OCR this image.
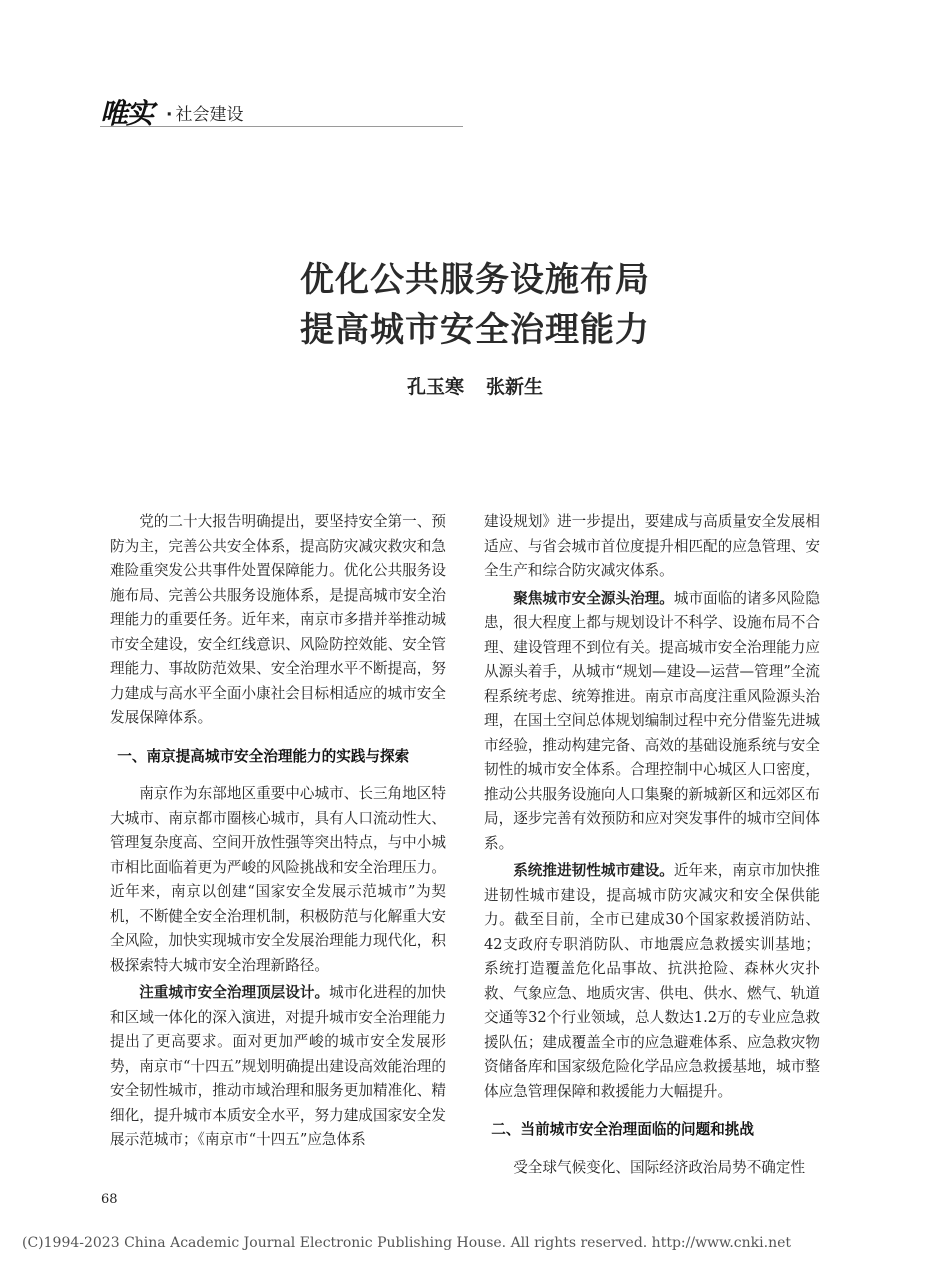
唯实 · 社会建设
优化公共服务设施布局
提高城市安全治理能力
孔玉寒 张新生

党的二十大报告明确提出，要坚持安全第一、预防为主，完善公共安全体系，提高防灾减灾救灾和急难险重突发公共事件处置保障能力。优化公共服务设施布局、完善公共服务设施体系，是提高城市安全治理能力的重要任务。近年来，南京市多措并举推动城市安全建设，安全红线意识、风险防控效能、安全管理能力、事故防范效果、安全治理水平不断提高，努力建成与高水平全面小康社会目标相适应的城市安全发展保障体系。

一、南京提高城市安全治理能力的实践与探索

南京作为东部地区重要中心城市、长三角地区特大城市、南京都市圈核心城市，具有人口流动性大、管理复杂度高、空间开放性强等突出特点，与中小城市相比面临着更为严峻的风险挑战和安全治理压力。近年来，南京以创建“国家安全发展示范城市”为契机，不断健全安全治理机制，积极防范与化解重大安全风险，加快实现城市安全发展治理能力现代化，积极探索特大城市安全治理新路径。

注重城市安全治理顶层设计。城市化进程的加快和区域一体化的深入演进，对提升城市安全治理能力提出了更高要求。面对更加严峻的城市安全发展形势，南京市“十四五”规划明确提出建设高效能治理的安全韧性城市，推动市域治理和服务更加精准化、精细化，提升城市本质安全水平，努力建成国家安全发展示范城市；《南京市“十四五”应急体系

建设规划》进一步提出，要建成与高质量安全发展相适应、与省会城市首位度提升相匹配的应急管理、安全生产和综合防灾减灾体系。

聚焦城市安全源头治理。城市面临的诸多风险隐患，很大程度上都与规划设计不科学、设施布局不合理、建设管理不到位有关。提高城市安全治理能力应从源头着手，从城市“规划—建设—运营—管理”全流程系统考虑、统筹推进。南京市高度注重风险源头治理，在国土空间总体规划编制过程中充分借鉴先进城市经验，推动构建完备、高效的基础设施系统与安全韧性的城市安全体系。合理控制中心城区人口密度，推动公共服务设施向人口集聚的新城新区和远郊区布局，逐步完善有效预防和应对突发事件的城市空间体系。

系统推进韧性城市建设。近年来，南京市加快推进韧性城市建设，提高城市防灾减灾和安全保供能力。截至目前，全市已建成30个国家救援消防站、42支政府专职消防队、市地震应急救援实训基地；系统打造覆盖危化品事故、抗洪抢险、森林火灾扑救、气象应急、地质灾害、供电、供水、燃气、轨道交通等32个行业领域，总人数达1.2万的专业应急救援队伍；建成覆盖全市的应急避难体系、应急救灾物资储备库和国家级危险化学品应急救援基地，城市整体应急管理保障和救援能力大幅提升。

二、当前城市安全治理面临的问题和挑战

受全球气候变化、国际经济政治局势不确定性

68
(C)1994-2023 China Academic Journal Electronic Publishing House. All rights reserved. http://www.cnki.net
